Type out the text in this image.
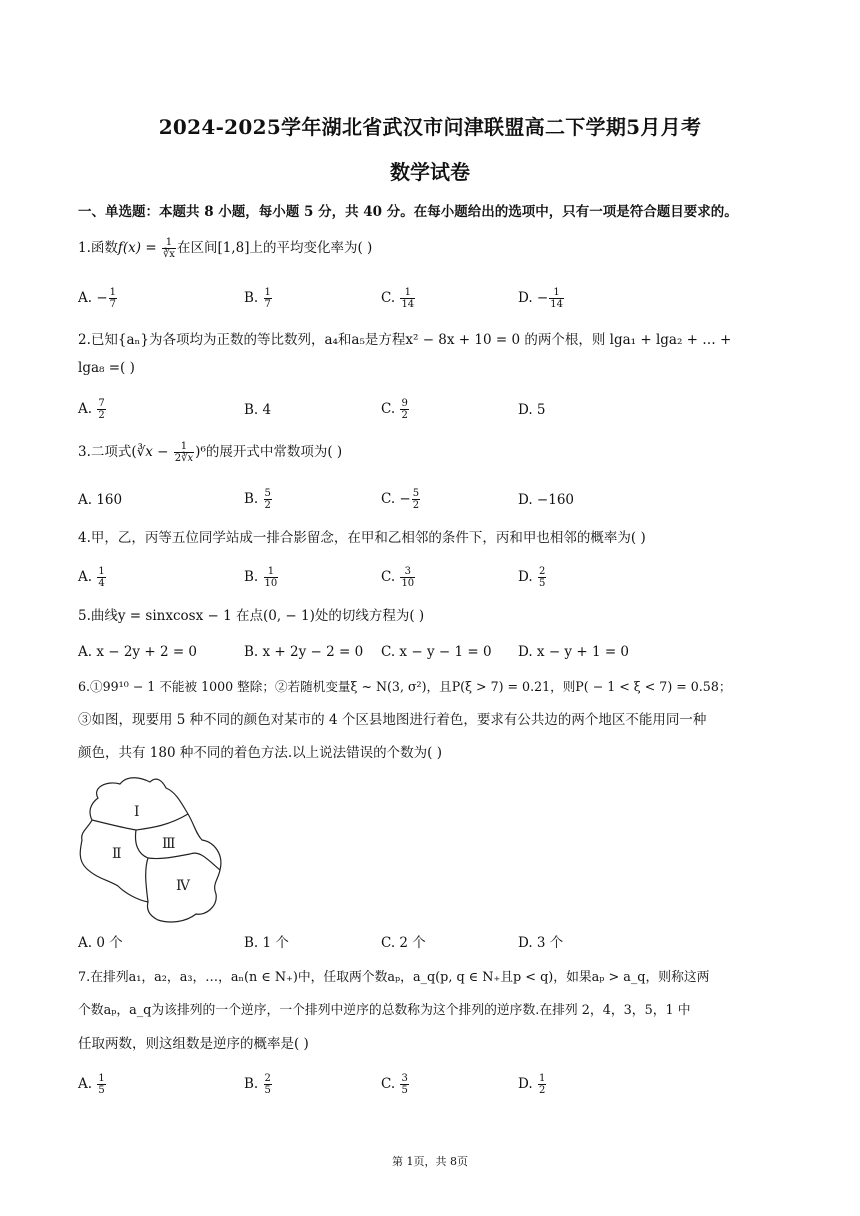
2024-2025学年湖北省武汉市问津联盟高二下学期5月月考
数学试卷
一、单选题：本题共 8 小题，每小题 5 分，共 40 分。在每小题给出的选项中，只有一项是符合题目要求的。
1.函数$f(x) = \frac{1}{∛x}$ 在区间[1,8]上的平均变化率为( )
A. − $\frac{1}{7}$	B. $\frac{1}{7}$	C. $\frac{1}{14}$	D. − $\frac{1}{14}$
2.已知{aₙ}为各项均为正数的等比数列，a₄和a₅是方程x² − 8x + 10 = 0 的两个根，则 lga₁ + lga₂ + … +
lga₈ =( )
A. $\frac{7}{2}$	B. 4	C. $\frac{9}{2}$	D. 5
3.二项式(∛x − $\frac{1}{2∛x} )^6$的展开式中常数项为( )
A. 160	B. $\frac{5}{2}$	C. − $\frac{5}{2}$	D. −160
4.甲，乙，丙等五位同学站成一排合影留念，在甲和乙相邻的条件下，丙和甲也相邻的概率为( )
A. $\frac{1}{4}$	B. $\frac{1}{10}$	C. $\frac{3}{10}$	D. $\frac{2}{5}$
5.曲线y = sinxcosx − 1 在点(0, − 1)处的切线方程为( )
A. x − 2y + 2 = 0	B. x + 2y − 2 = 0 C. x − y − 1 = 0 D. x − y + 1 = 0
6.①99¹⁰ − 1 不能被 1000 整除；②若随机变量ξ ~ N(3, σ²)，且P(ξ > 7) = 0.21，则P( − 1 < ξ < 7) = 0.58；
③如图，现要用 5 种不同的颜色对某市的 4 个区县地图进行着色，要求有公共边的两个地区不能用同一种
颜色，共有 180 种不同的着色方法.以上说法错误的个数为( )
Ⅰ
Ⅱ
Ⅲ
Ⅳ
A. 0 个	B. 1 个	C. 2 个	D. 3 个
7.在排列a₁，a₂，a₃，…，aₙ(n ∈ N₊)中，任取两个数aₚ，a_q(p, q ∈ N₊且p < q)，如果aₚ > a_q，则称这两
个数aₚ，a_q为该排列的一个逆序，一个排列中逆序的总数称为这个排列的逆序数.在排列 2，4，3，5，1 中
任取两数，则这组数是逆序的概率是( )
A. $\frac{1}{5}$	B. $\frac{2}{5}$	C. $\frac{3}{5}$	D. $\frac{1}{2}$
第 1页，共 8页
